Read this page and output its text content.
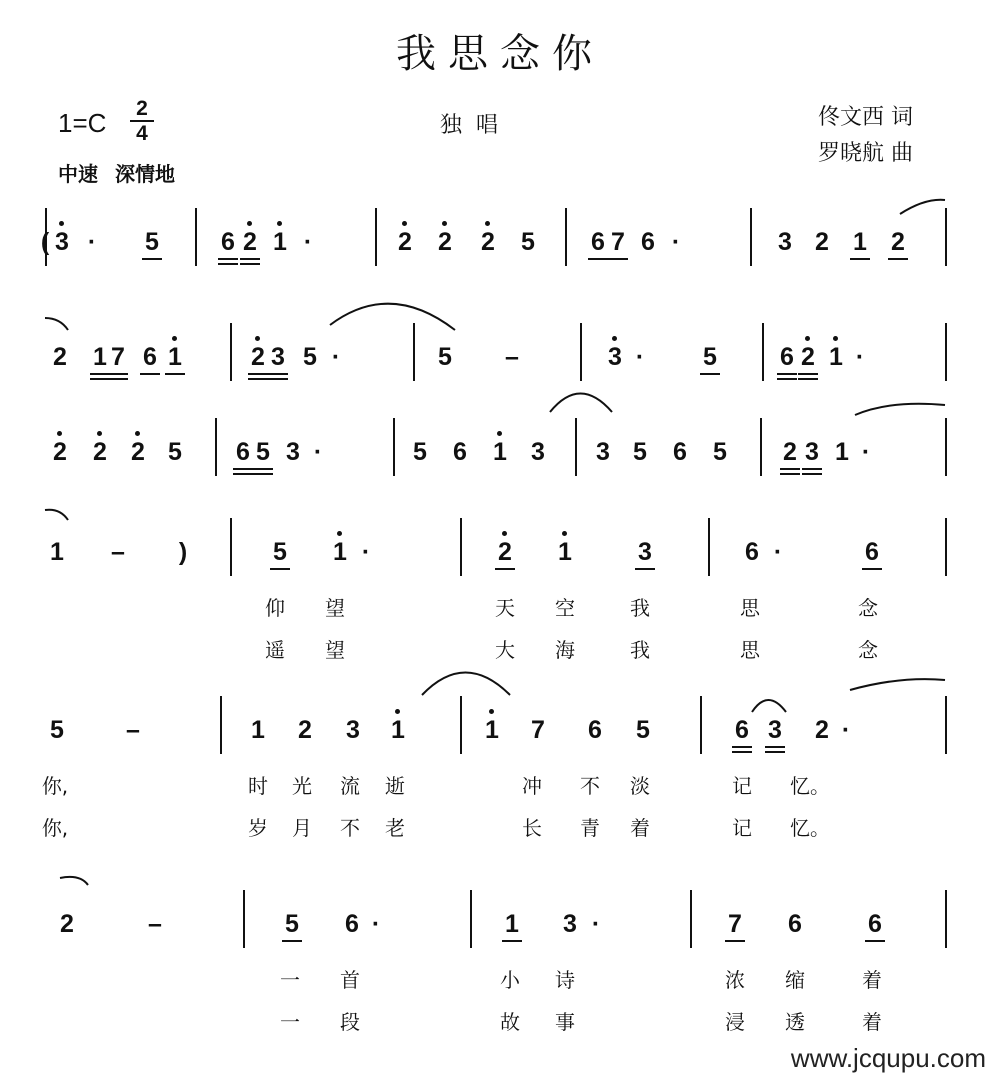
我思念你
1=C 2
4	独唱	佟文西 词
罗晓航 曲
中速 深情地
( 3 ·	5 6 2 1 ·	2 2 2 5 6 7 6 ·	3 2 1 2
2 1 7 6 1	2 3 5 ·	5 –	3 ·	5	6 2 1 ·
2 2 2 5 6 5 3 ·	5 6 1 3 3 5 6 5 2 3 1 ·
1 –	)	5 1 ·	2 1	3	6 ·	6
仰	望	天	空	我	思	念
遥	望	大	海	我	思	念
5 –	1 2 3 1	1 7 6 5	6 3 2 ·
你,	时	光	流	逝	冲	不	淡	记	忆。
你,	岁	月	不	老	长	青	着	记	忆。
2	–	5 6 ·	1 3 ·	7 6	6
一	首	小	诗	浓	缩	着
一	段	故	事	浸	透	着
www.jcqupu.com
